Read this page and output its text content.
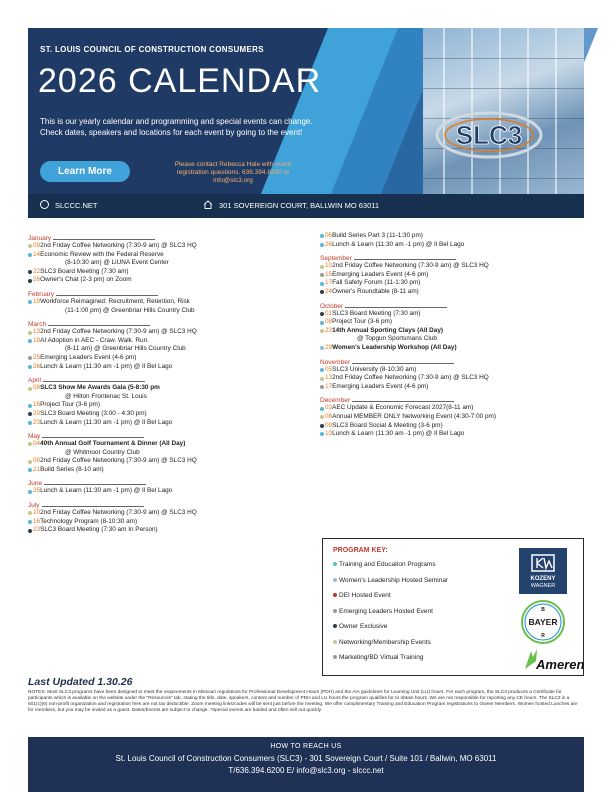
ST. LOUIS COUNCIL OF CONSTRUCTION CONSUMERS
2026 CALENDAR
This is our yearly calendar and programming and special events can change. Check dates, speakers and locations for each event by going to the event!
Learn More
Please contact Rebecca Hale with event registration questions. 636.394.6200 or info@slc3.org
SLC3
SLCCC.NET	301 SOVEREIGN COURT, BALLWIN MO 63011
January
092nd Friday Coffee Networking (7:30-9 am) @ SLC3 HQ
14Economic Review with the Federal Reserve
(8-10:30 am) @ LiUNA Event Center
22SLC3 Board Meeting (7:30 am)
26Owner's Chat (2-3 pm) on Zoom
February
19Workforce Reimagined: Recruitment, Retention, Risk
(11-1:00 pm) @ Greenbriar Hills Country Club
March
132nd Friday Coffee Networking (7:30-9 am) @ SLC3 HQ
19AI Adoption in AEC - Craw. Walk. Run.
(8-11 am) @ Greenbriar Hills Country Club
25Emerging Leaders Event (4-6 pm)
26Lunch & Learn (11:30 am -1 pm) @ Il Bel Lago
April
08SLC3 Show Me Awards Gala (5-8:30 pm
@ Hilton Frontenac St. Louis
16Project Tour (3-6 pm)
20SLC3 Board Meeting (3:00 - 4:30 pm)
23Lunch & Learn (11:30 am -1 pm) @ Il Bel Lago
May
0440th Annual Golf Tournament & Dinner (All Day)
@ Whitmoor Country Club
082nd Friday Coffee Networking (7:30-9 am) @ SLC3 HQ
21Build Series (8-10 am)
June
25Lunch & Learn (11:30 am -1 pm) @ Il Bel Lago
July
102nd Friday Coffee Networking (7:30-9 am) @ SLC3 HQ
16Technology Program (8-10:30 am)
23SLC3 Board Meeting (7:30 am In Person)
06Build Series Part 3 (11-1:30 pm)
26Lunch & Learn (11:30 am -1 pm) @ Il Bel Lago
September
102nd Friday Coffee Networking (7:30-9 am) @ SLC3 HQ
15Emerging Leaders Event (4-6 pm)
17Fall Safety Forum (11-1:30 pm)
24Owner's Roundtable (8-11 am)
October
01SLC3 Board Meeting (7:30 am)
08Project Tour (3-6 pm)
2314th Annual Sporting Clays (All Day)
@ Topgun Sportsmans Club
29Women's Leadership Workshop (All Day)
November
05SLC3 University (8-10:30 am)
132nd Friday Coffee Networking (7:30-9 am) @ SLC3 HQ
17Emerging Leaders Event (4-6 pm)
December
03AEC Update & Economic Forecast 2027(8-11 am)
08Annual MEMBER ONLY Networking Event (4:30-7:00 pm)
09SLC3 Board Social & Meeting (3-6 pm)
10Lunch & Learn (11:30 am -1 pm) @ Il Bel Lago
PROGRAM KEY:
Training and Education Programs
Women's Leadership Hosted Seminar
DEI Hosted Event
Emerging Leaders Hosted Event
Owner Exclusive
Networking/Membership Events
Marketing/BD Virtual Training
KOZENY
WAGNER
BAYER
B
R
Ameren
Last Updated 1.30.26
NOTES: Most SLC3 programs have been designed to meet the requirements in Missouri regulations for Professional Development Hours (PDH) and the AIA guidelines for Learning Unit (LU) hours. For each program, the SLC3 produces a Certificate for participants which is available on the website under the "Resources" tab, stating the title, date, speakers, content and number of PDH and LU hours the program qualifies for to obtain hours. We are not responsible for reporting any CE hours. The SLC3 is a 501(c)(6) non-profit organization and registration fees are not tax deductible. Zoom meeting links/codes will be sent just before the meeting. We offer complimentary Training and Education Program registrations to Owner Members. Women hosted Lunches are for members, but you may be invited as a guest. Dates/Events are subject to change. *Special events are bolded and often sell out quickly.
HOW TO REACH US
St. Louis Council of Construction Consumers (SLC3) - 301 Sovereign Court / Suite 101 / Ballwin, MO 63011
T/636.394.6200 E/ info@slc3.org - slccc.net
